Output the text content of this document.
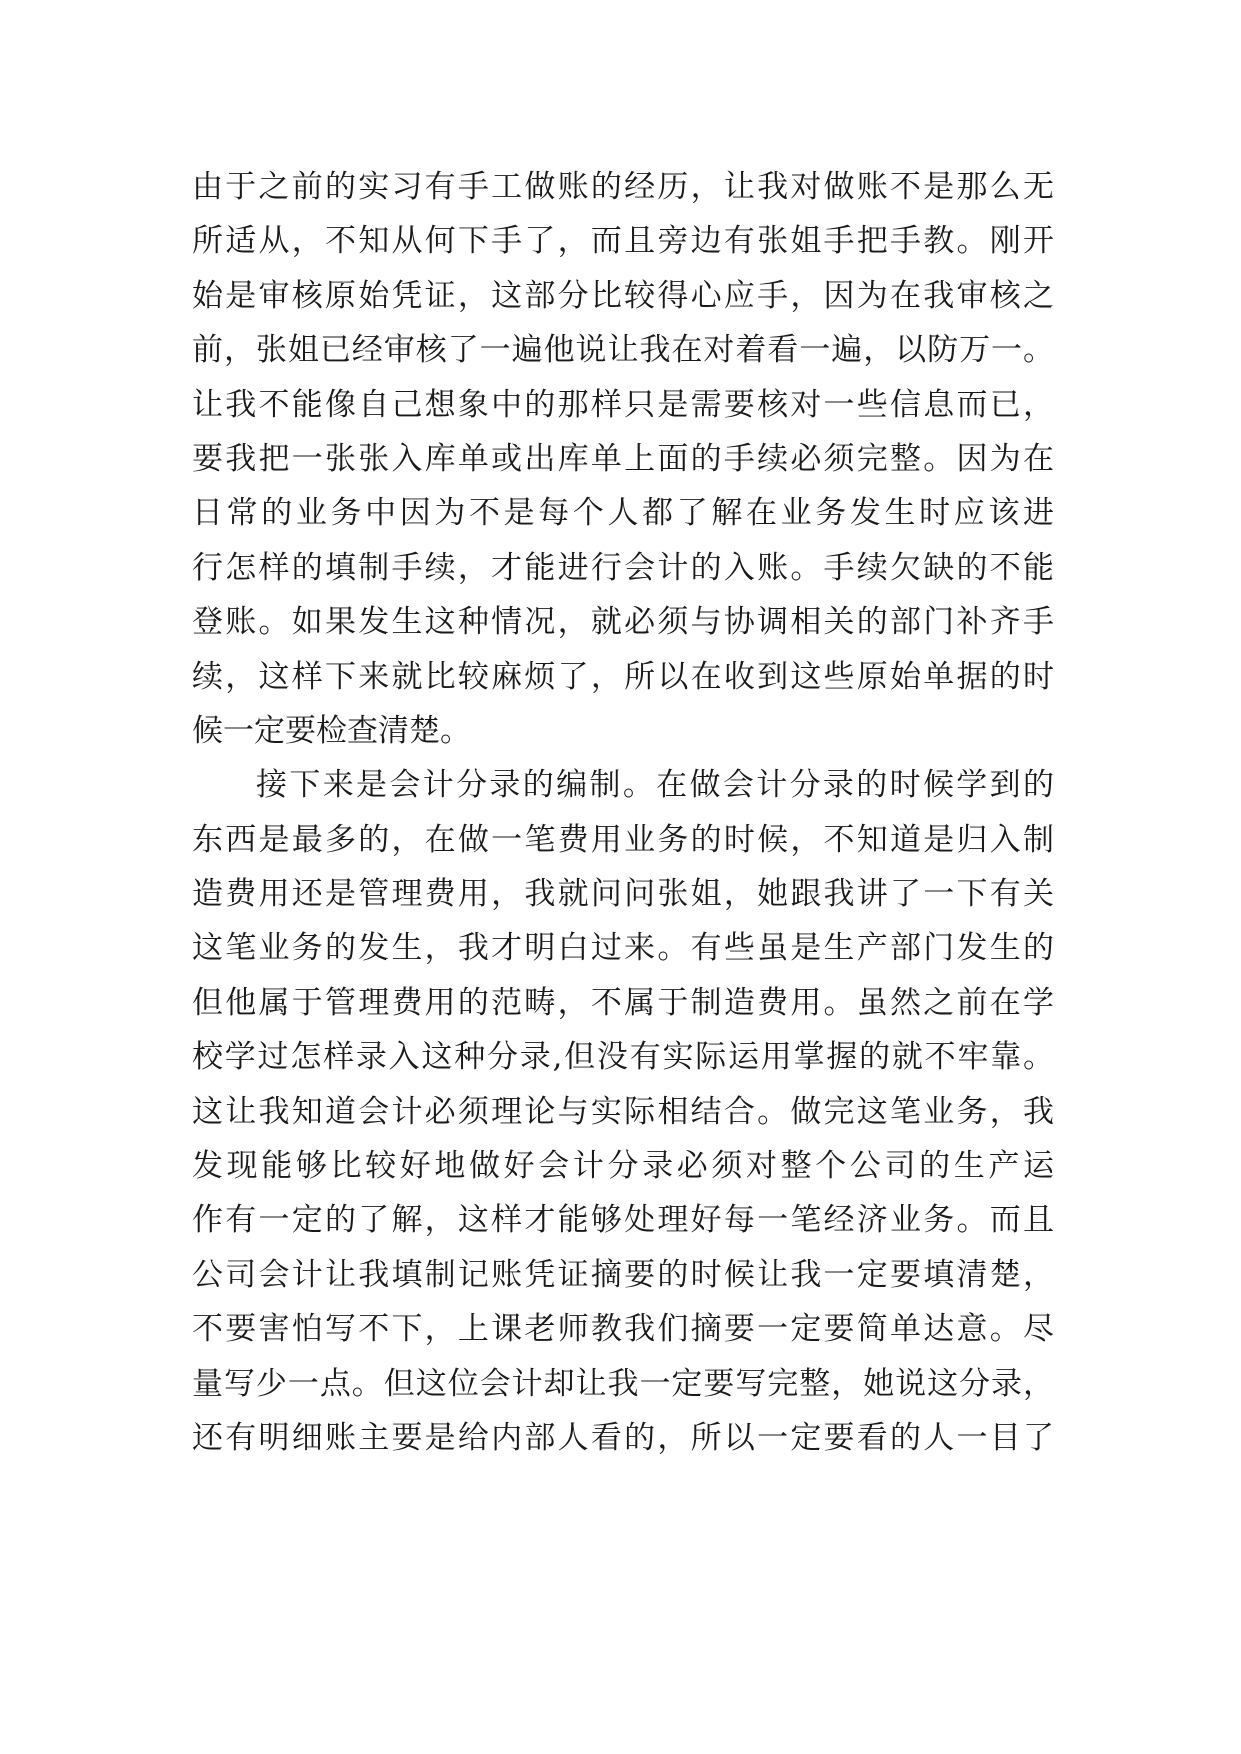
由于之前的实习有手工做账的经历，让我对做账不是那么无
所适从，不知从何下手了，而且旁边有张姐手把手教。刚开
始是审核原始凭证，这部分比较得心应手，因为在我审核之
前，张姐已经审核了一遍他说让我在对着看一遍，以防万一。
让我不能像自己想象中的那样只是需要核对一些信息而已，
要我把一张张入库单或出库单上面的手续必须完整。因为在
日常的业务中因为不是每个人都了解在业务发生时应该进
行怎样的填制手续，才能进行会计的入账。手续欠缺的不能
登账。如果发生这种情况，就必须与协调相关的部门补齐手
续，这样下来就比较麻烦了，所以在收到这些原始单据的时
候一定要检查清楚。
接下来是会计分录的编制。在做会计分录的时候学到的
东西是最多的，在做一笔费用业务的时候，不知道是归入制
造费用还是管理费用，我就问问张姐，她跟我讲了一下有关
这笔业务的发生，我才明白过来。有些虽是生产部门发生的
但他属于管理费用的范畴，不属于制造费用。虽然之前在学
校学过怎样录入这种分录,但没有实际运用掌握的就不牢靠。
这让我知道会计必须理论与实际相结合。做完这笔业务，我
发现能够比较好地做好会计分录必须对整个公司的生产运
作有一定的了解，这样才能够处理好每一笔经济业务。而且
公司会计让我填制记账凭证摘要的时候让我一定要填清楚，
不要害怕写不下，上课老师教我们摘要一定要简单达意。尽
量写少一点。但这位会计却让我一定要写完整，她说这分录，
还有明细账主要是给内部人看的，所以一定要看的人一目了
